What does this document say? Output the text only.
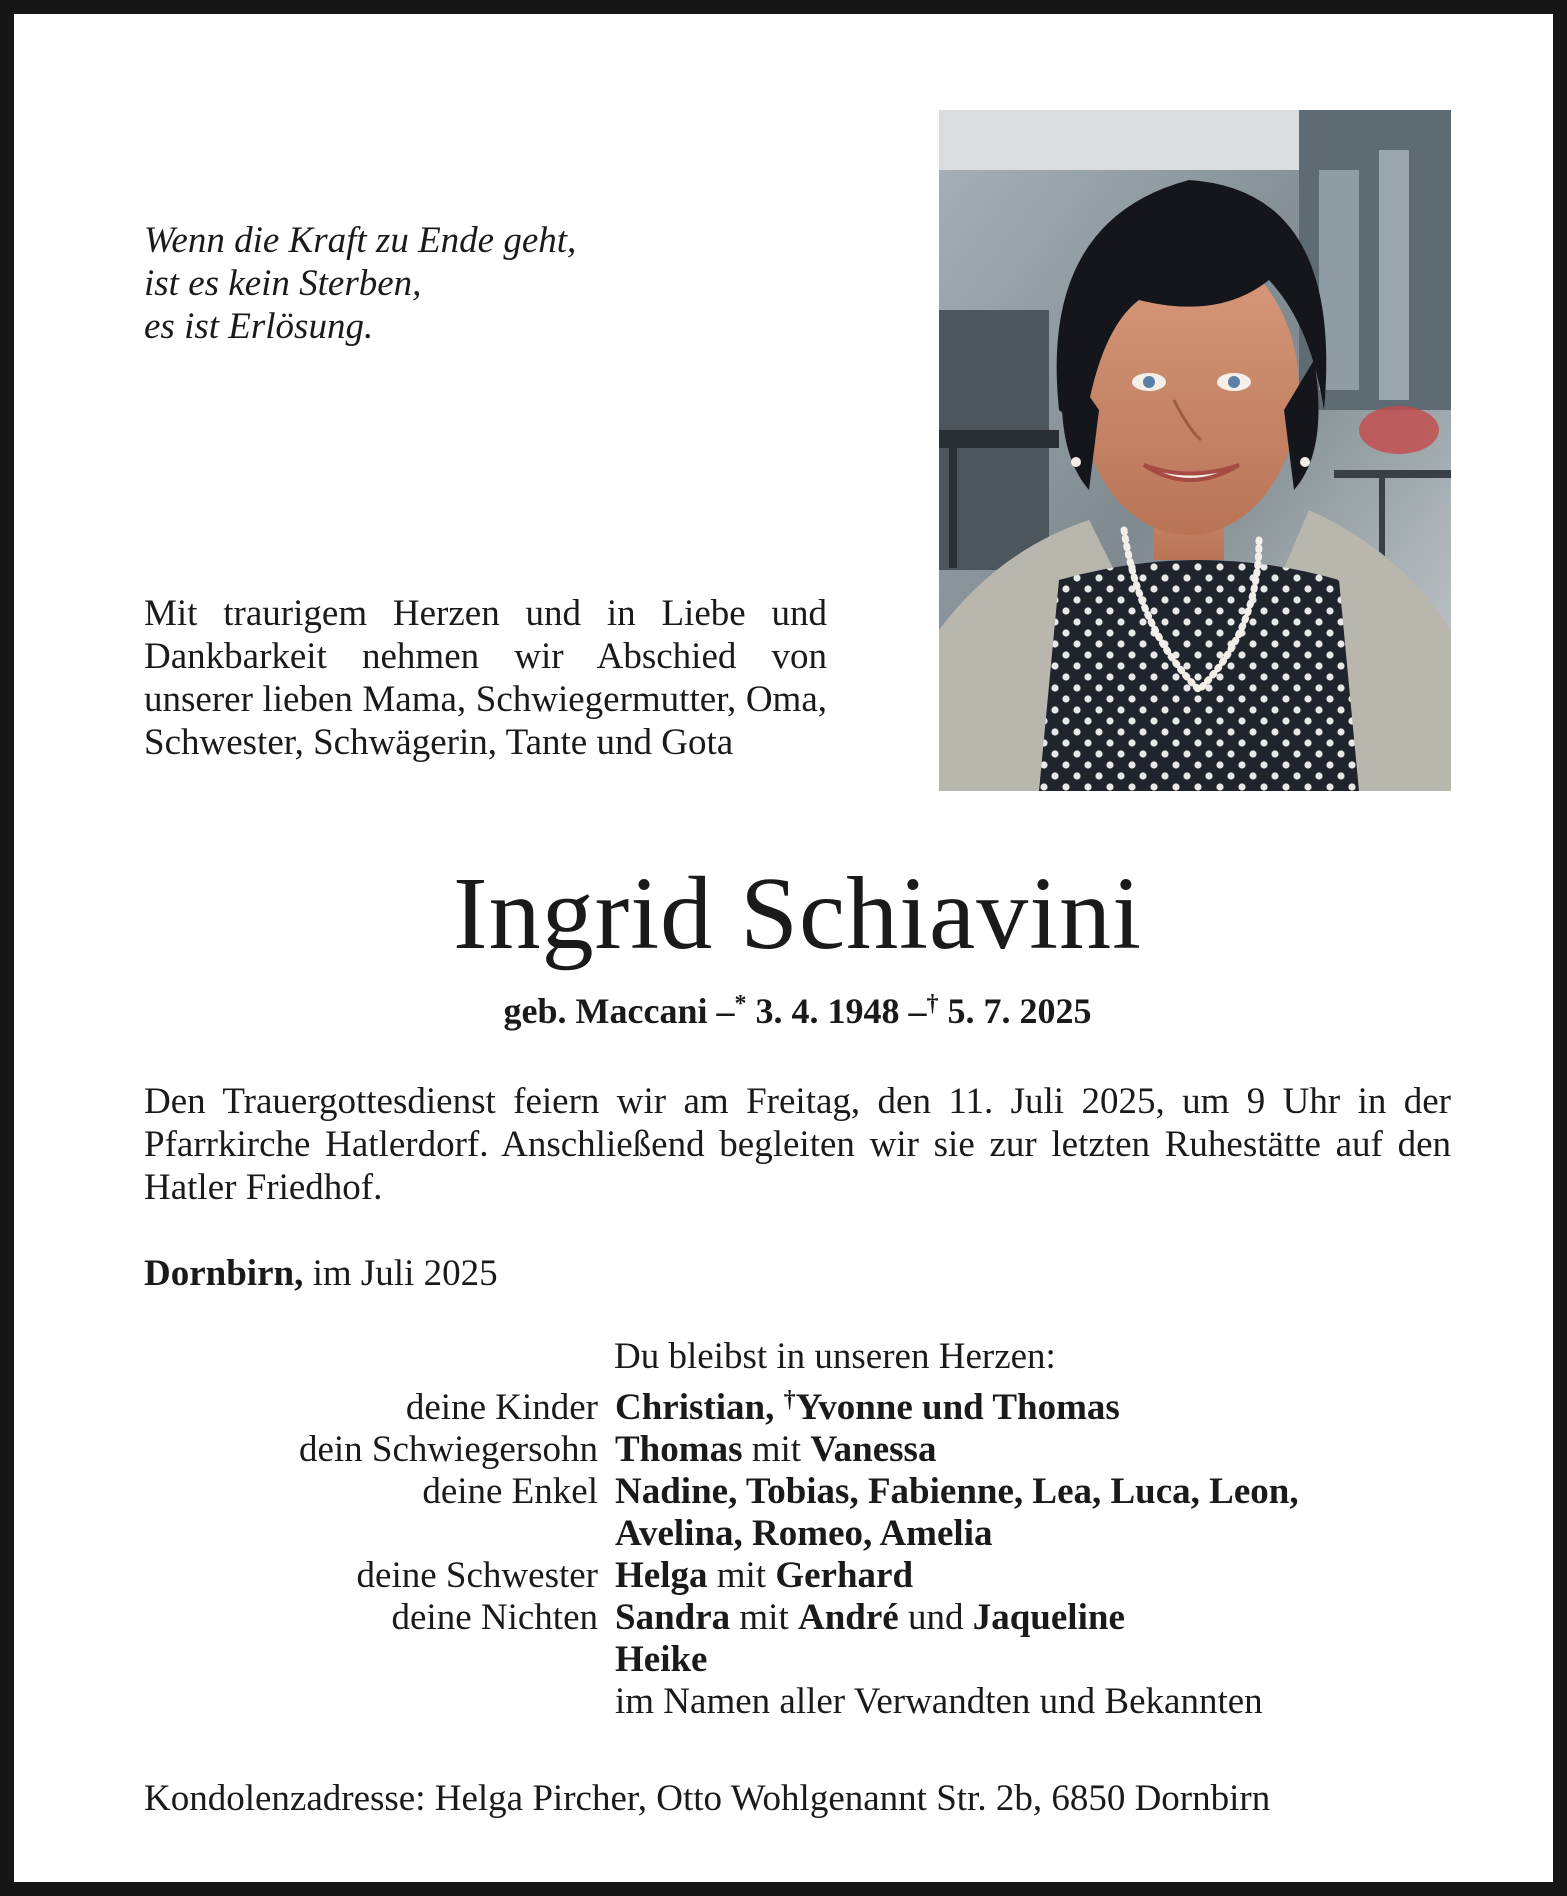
Wenn die Kraft zu Ende geht,
ist es kein Sterben,
es ist Erlösung.
Mit traurigem Herzen und in Liebe und Dankbarkeit nehmen wir Abschied von unserer lieben Mama, Schwiegermutter, Oma, Schwester, Schwägerin, Tante und Gota
Ingrid Schiavini
geb. Maccani –* 3. 4. 1948 –† 5. 7. 2025
Den Trauergottesdienst feiern wir am Freitag, den 11. Juli 2025, um 9 Uhr in der Pfarrkirche Hatlerdorf. Anschließend begleiten wir sie zur letzten Ruhestätte auf den Hatler Friedhof.
Dornbirn, im Juli 2025
Du bleibst in unseren Herzen:
deine Kinder Christian, †Yvonne und Thomas
dein Schwiegersohn Thomas mit Vanessa
deine Enkel Nadine, Tobias, Fabienne, Lea, Luca, Leon,
Avelina, Romeo, Amelia
deine Schwester Helga mit Gerhard
deine Nichten Sandra mit André und Jaqueline
Heike
im Namen aller Verwandten und Bekannten
Kondolenzadresse: Helga Pircher, Otto Wohlgenannt Str. 2b, 6850 Dornbirn
